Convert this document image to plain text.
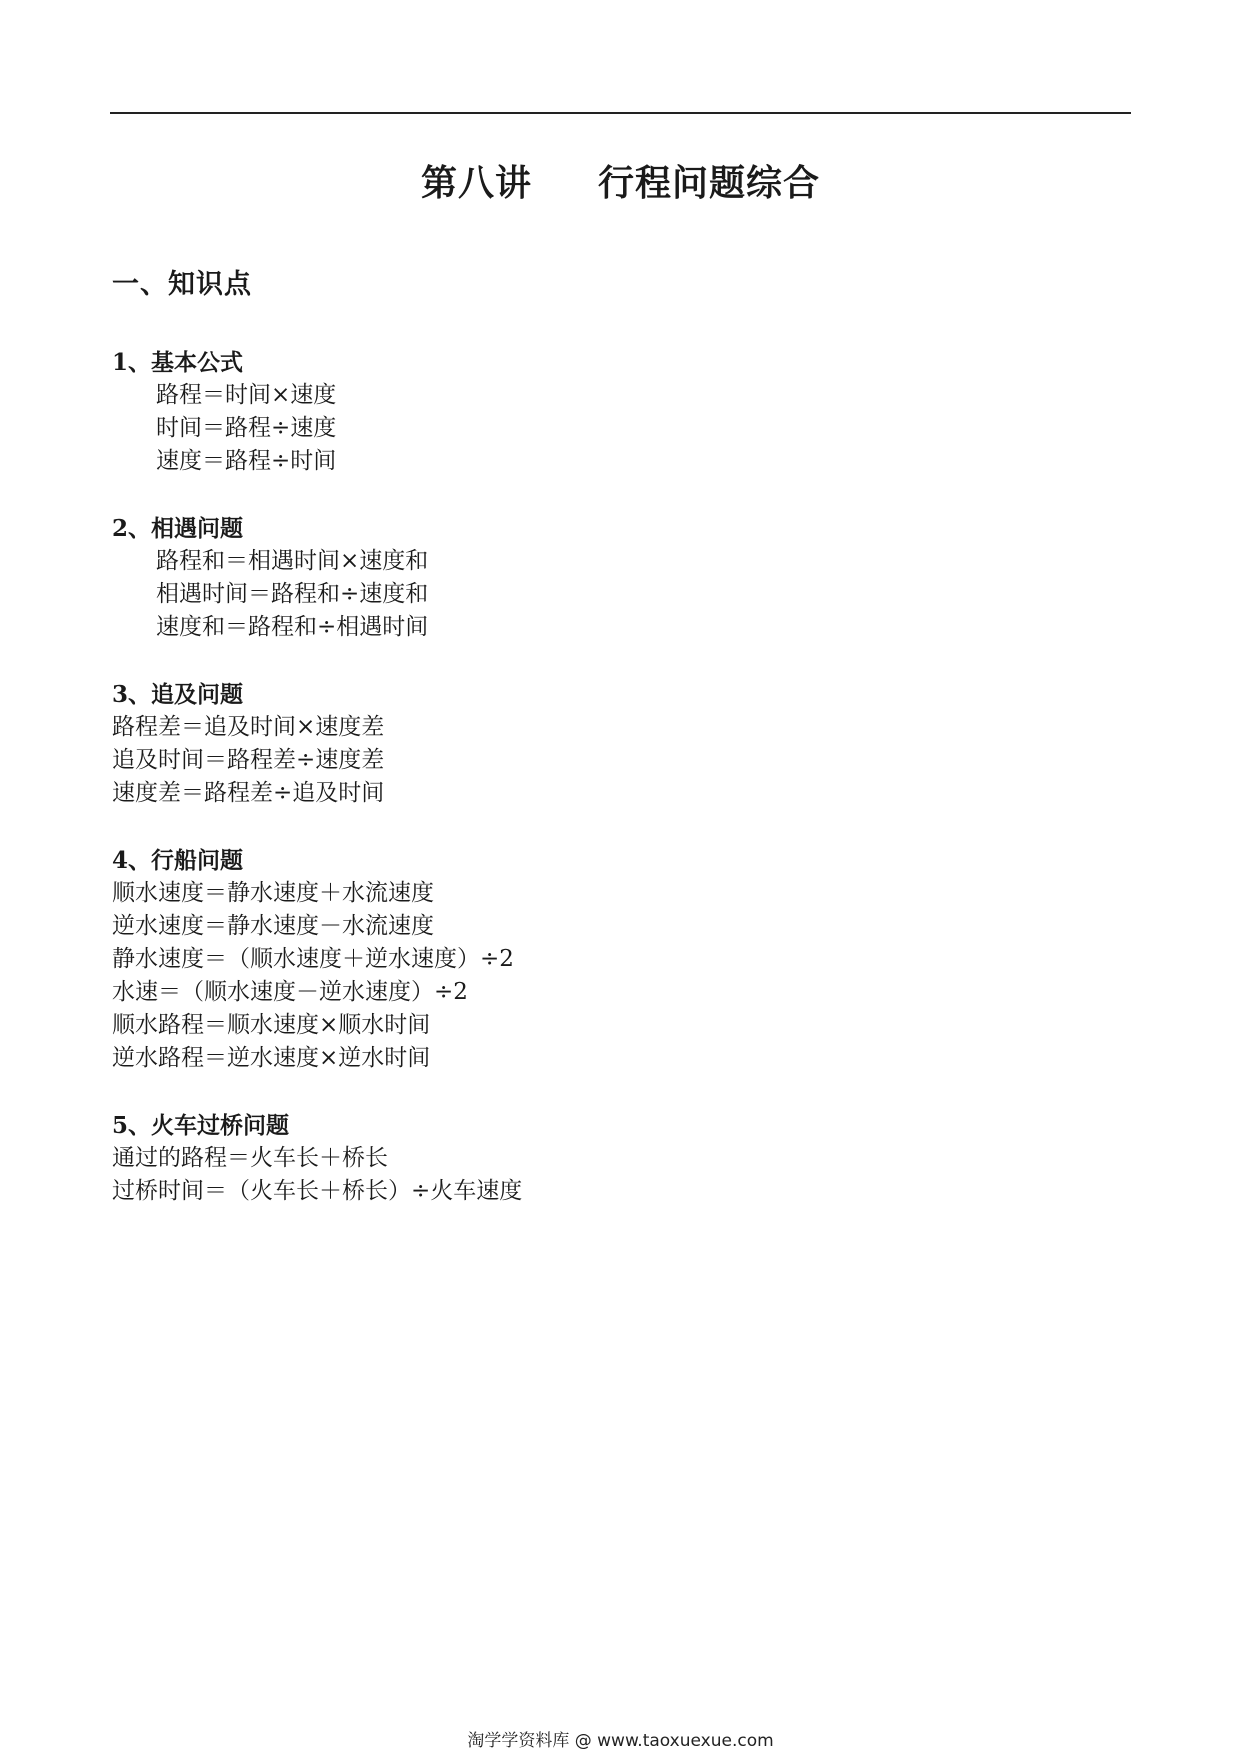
第八讲 行程问题综合
一、知识点
1、基本公式
路程＝时间×速度
时间＝路程÷速度
速度＝路程÷时间
2、相遇问题
路程和＝相遇时间×速度和
相遇时间＝路程和÷速度和
速度和＝路程和÷相遇时间
3、追及问题
路程差＝追及时间×速度差
追及时间＝路程差÷速度差
速度差＝路程差÷追及时间
4、行船问题
顺水速度＝静水速度＋水流速度
逆水速度＝静水速度－水流速度
静水速度＝（顺水速度＋逆水速度）÷2
水速＝（顺水速度－逆水速度）÷2
顺水路程＝顺水速度×顺水时间
逆水路程＝逆水速度×逆水时间
5、火车过桥问题
通过的路程＝火车长＋桥长
过桥时间＝（火车长＋桥长）÷火车速度
淘学学资料库 @ www.taoxuexue.com
